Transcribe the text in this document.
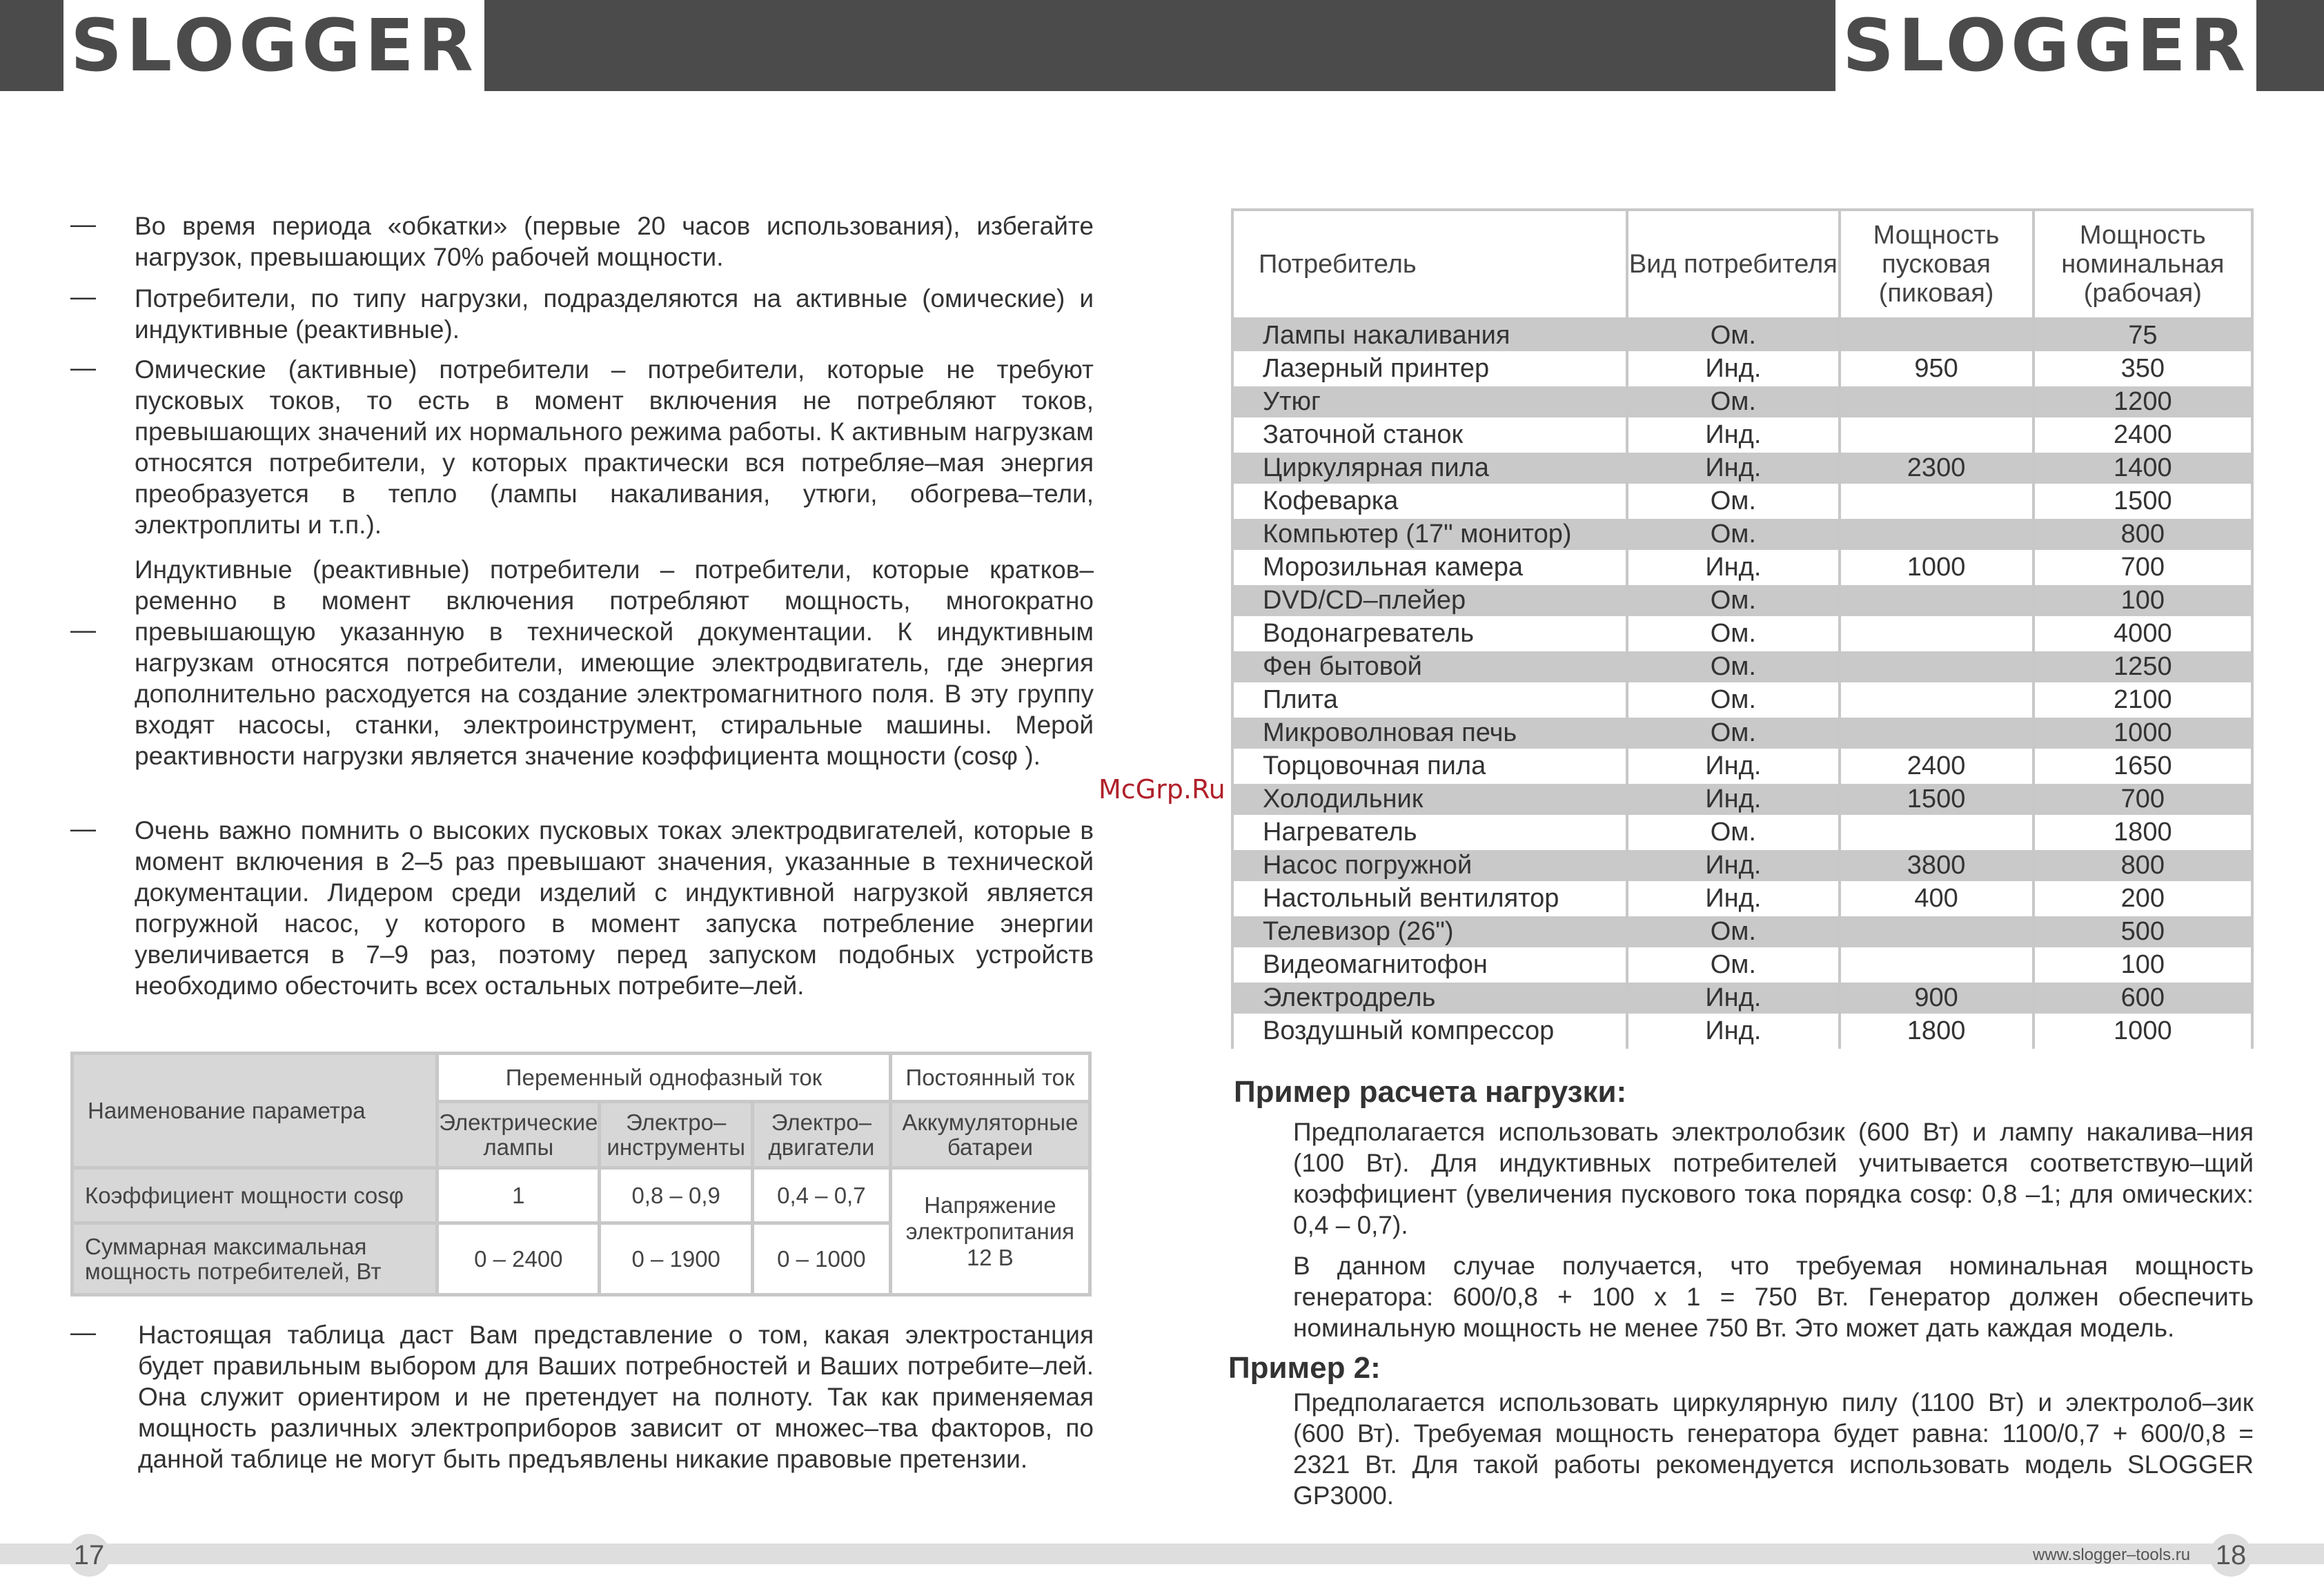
SLOGGER	SLOGGER
— Во время периода «обкатки» (первые 20 часов использования), избегайте нагрузок, превышающих 70% рабочей мощности.

— Потребители, по типу нагрузки, подразделяются на активные (омические) и индуктивные (реактивные).

— Омические (активные) потребители – потребители, которые не требуют пусковых токов, то есть в момент включения не потребляют токов, превышающих значений их нормального режима работы. К активным нагрузкам относятся потребители, у которых практически вся потребляе–мая энергия преобразуется в тепло (лампы накаливания, утюги, обогрева–тели, электроплиты и т.п.).

—

Индуктивные (реактивные) потребители – потребители, которые кратков–ременно в момент включения потребляют мощность, многократно превышающую указанную в технической документации. К индуктивным нагрузкам относятся потребители, имеющие электродвигатель, где энергия дополнительно расходуется на создание электромагнитного поля. В эту группу входят насосы, станки, электроинструмент, стиральные машины. Мерой реактивности нагрузки является значение коэффициента мощности (cosφ ).

— Очень важно помнить о высоких пусковых токах электродвигателей, которые в момент включения в 2–5 раз превышают значения, указанные в технической документации. Лидером среди изделий с индуктивной нагрузкой является погружной насос, у которого в момент запуска потребление энергии увеличивается в 7–9 раз, поэтому перед запуском подобных устройств необходимо обесточить всех остальных потребите–лей.

Наименование параметра	Переменный однофазный ток			Постоянный ток
	Электрические лампы	Электро– инструменты	Электро– двигатели	Аккумуляторные батареи
Коэффициент мощности cosφ	1	0,8 – 0,9	0,4 – 0,7	Напряжение электропитания 12 В
Суммарная максимальная мощность потребителей, Вт	0 – 2400	0 – 1900	0 – 1000	
— Настоящая таблица даст Вам представление о том, какая электростанция будет правильным выбором для Ваших потребностей и Ваших потребите–лей. Она служит ориентиром и не претендует на полноту. Так как применяемая мощность различных электроприборов зависит от множес–тва факторов, по данной таблице не могут быть предъявлены никакие правовые претензии.

McGrp.Ru
Потребитель	Вид потребителя	Мощность пусковая (пиковая)	Мощность номинальная (рабочая)
Лампы накаливания	Ом.		75
Лазерный принтер	Инд.	950	350
Утюг	Ом.		1200
Заточной станок	Инд.		2400
Циркулярная пила	Инд.	2300	1400
Кофеварка	Ом.		1500
Компьютер (17" монитор)	Ом.		800
Морозильная камера	Инд.	1000	700
DVD/CD–плейер	Ом.		100
Водонагреватель	Ом.		4000
Фен бытовой	Ом.		1250
Плита	Ом.		2100
Микроволновая печь	Ом.		1000
Торцовочная пила	Инд.	2400	1650
Холодильник	Инд.	1500	700
Нагреватель	Ом.		1800
Насос погружной	Инд.	3800	800
Настольный вентилятор	Инд.	400	200
Телевизор (26")	Ом.		500
Видеомагнитофон	Ом.		100
Электродрель	Инд.	900	600
Воздушный компрессор	Инд.	1800	1000
Пример расчета нагрузки:

Предполагается использовать электролобзик (600 Вт) и лампу накалива–ния (100 Вт). Для индуктивных потребителей учитывается соответствую–щий коэффициент (увеличения пускового тока порядка cosφ: 0,8 –1; для омических: 0,4 – 0,7).

В данном случае получается, что требуемая номинальная мощность генератора: 600/0,8 + 100 х 1 = 750 Вт. Генератор должен обеспечить номинальную мощность не менее 750 Вт. Это может дать каждая модель.

Пример 2:

Предполагается использовать циркулярную пилу (1100 Вт) и электролоб–зик (600 Вт). Требуемая мощность генератора будет равна: 1100/0,7 + 600/0,8 = 2321 Вт. Для такой работы рекомендуется использовать модель SLOGGER GP3000.

17	18
www.slogger–tools.ru
